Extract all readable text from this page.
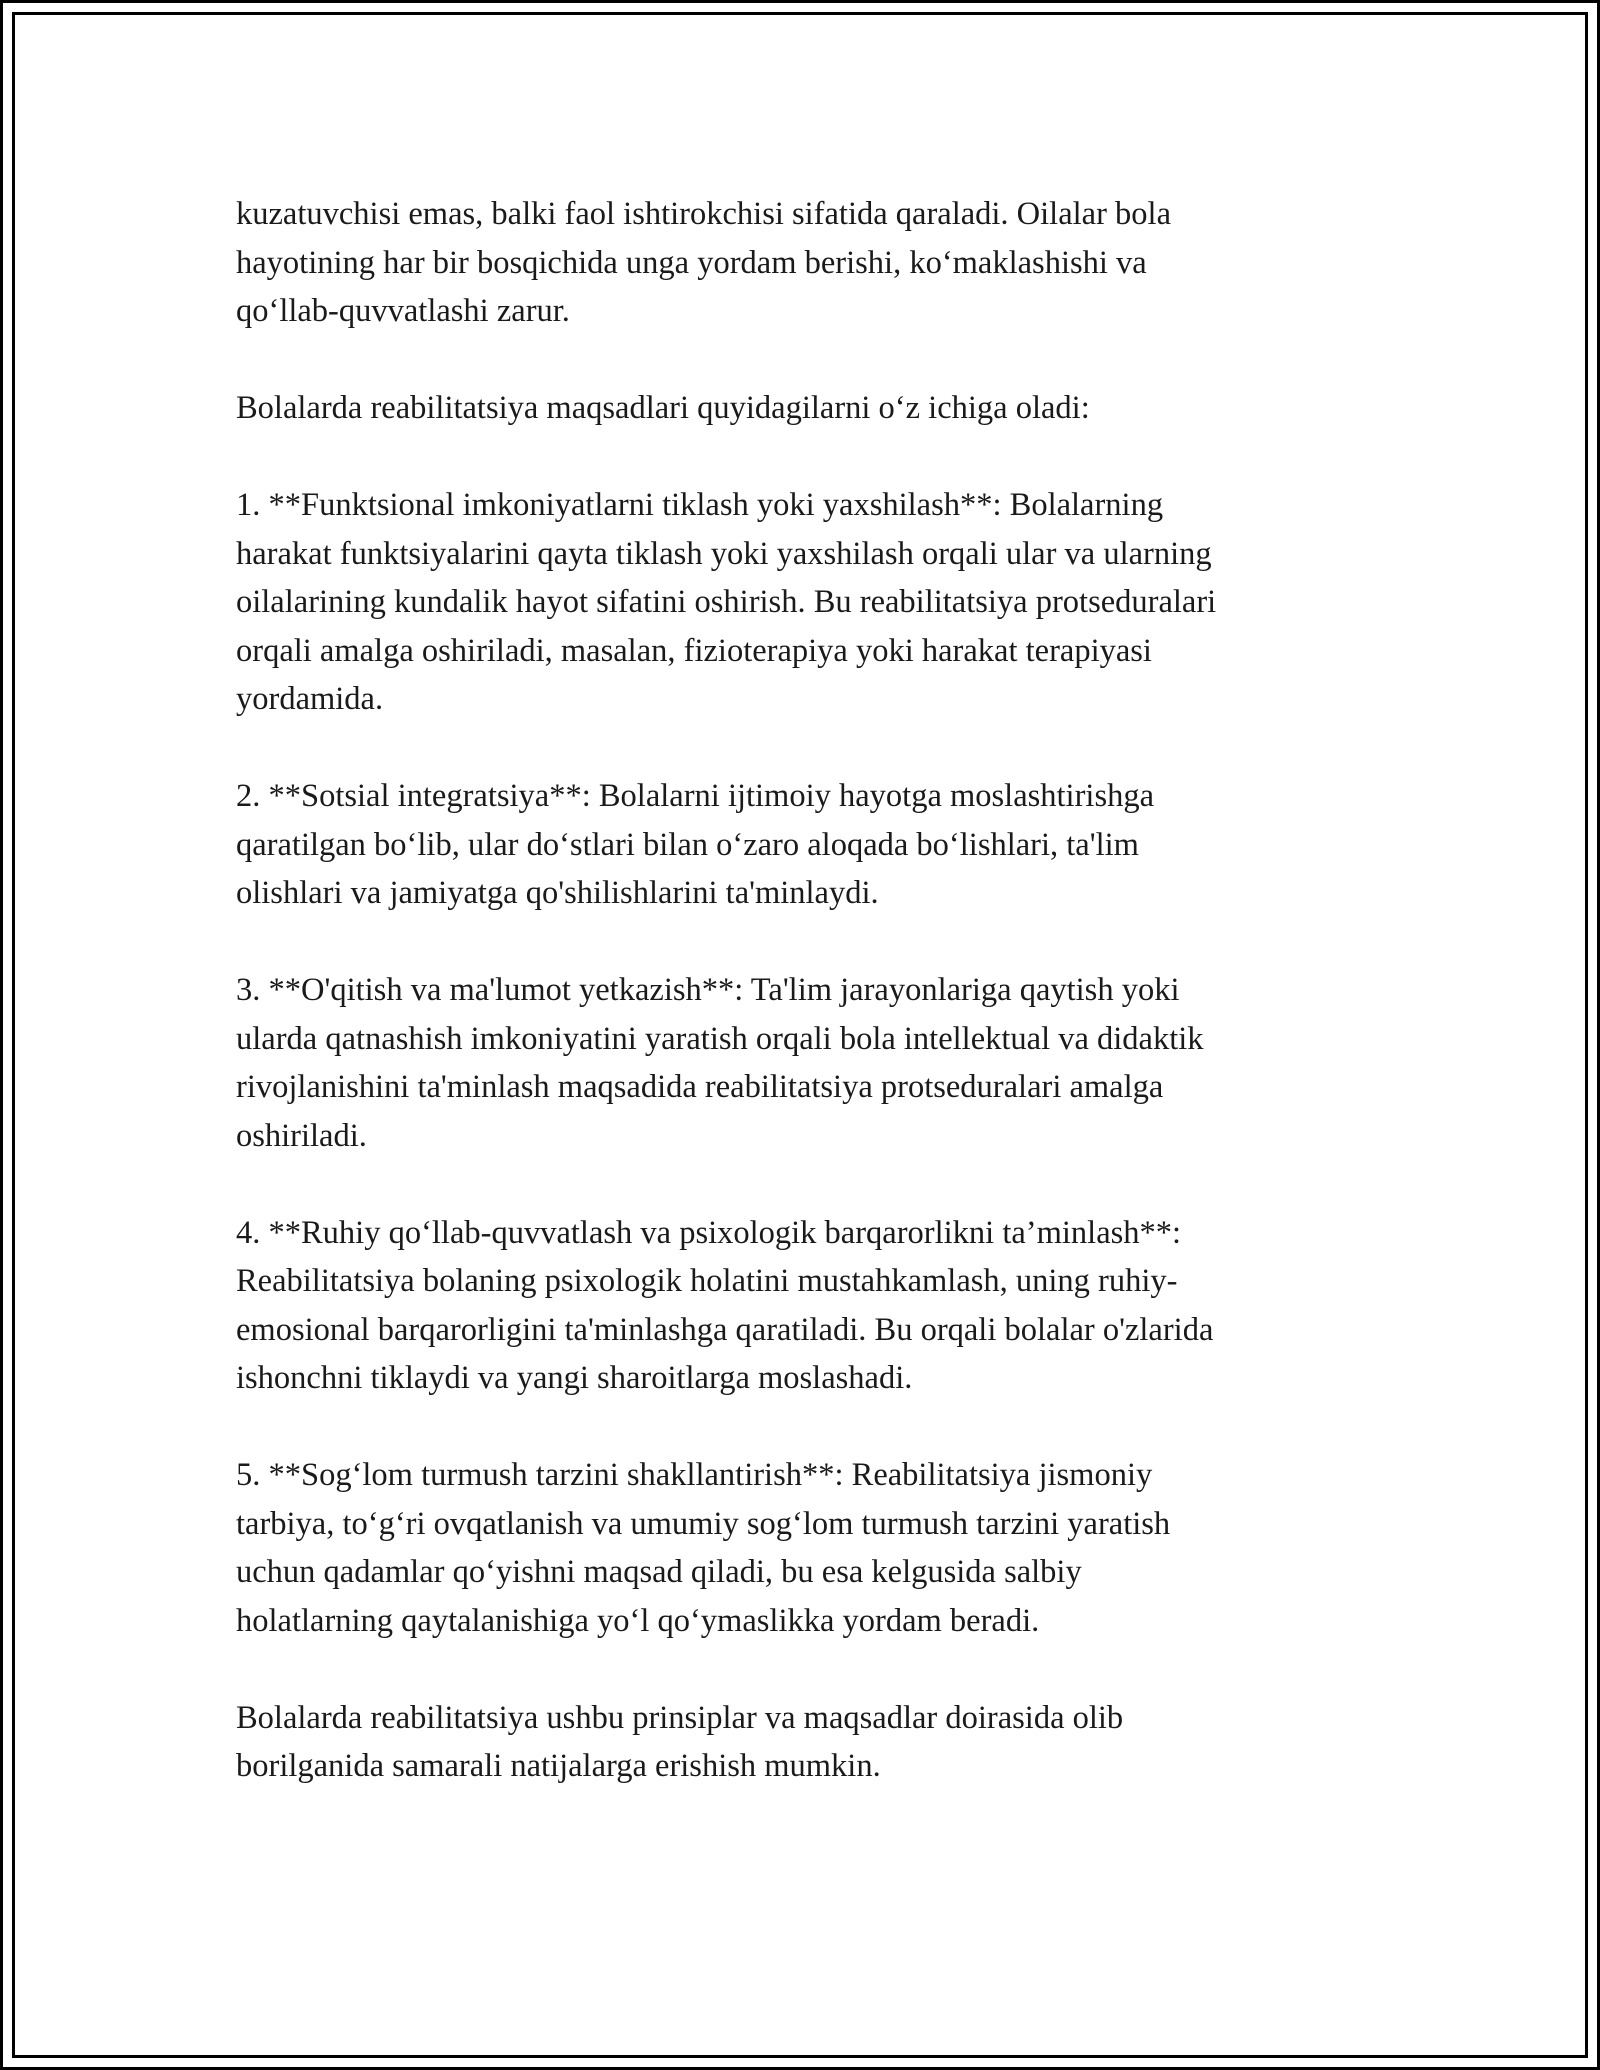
kuzatuvchisi emas, balki faol ishtirokchisi sifatida qaraladi. Oilalar bola
hayotining har bir bosqichida unga yordam berishi, koʻmaklashishi va
qoʻllab-quvvatlashi zarur.

Bolalarda reabilitatsiya maqsadlari quyidagilarni oʻz ichiga oladi:

1. **Funktsional imkoniyatlarni tiklash yoki yaxshilash**: Bolalarning
harakat funktsiyalarini qayta tiklash yoki yaxshilash orqali ular va ularning
oilalarining kundalik hayot sifatini oshirish. Bu reabilitatsiya protseduralari
orqali amalga oshiriladi, masalan, fizioterapiya yoki harakat terapiyasi
yordamida.

2. **Sotsial integratsiya**: Bolalarni ijtimoiy hayotga moslashtirishga
qaratilgan boʻlib, ular doʻstlari bilan oʻzaro aloqada boʻlishlari, ta'lim
olishlari va jamiyatga qo'shilishlarini ta'minlaydi.

3. **O'qitish va ma'lumot yetkazish**: Ta'lim jarayonlariga qaytish yoki
ularda qatnashish imkoniyatini yaratish orqali bola intellektual va didaktik
rivojlanishini ta'minlash maqsadida reabilitatsiya protseduralari amalga
oshiriladi.

4. **Ruhiy qoʻllab-quvvatlash va psixologik barqarorlikni ta’minlash**:
Reabilitatsiya bolaning psixologik holatini mustahkamlash, uning ruhiy-
emosional barqarorligini ta'minlashga qaratiladi. Bu orqali bolalar o'zlarida
ishonchni tiklaydi va yangi sharoitlarga moslashadi.

5. **Sogʻlom turmush tarzini shakllantirish**: Reabilitatsiya jismoniy
tarbiya, toʻgʻri ovqatlanish va umumiy sogʻlom turmush tarzini yaratish
uchun qadamlar qoʻyishni maqsad qiladi, bu esa kelgusida salbiy
holatlarning qaytalanishiga yoʻl qoʻymaslikka yordam beradi.

Bolalarda reabilitatsiya ushbu prinsiplar va maqsadlar doirasida olib
borilganida samarali natijalarga erishish mumkin.
